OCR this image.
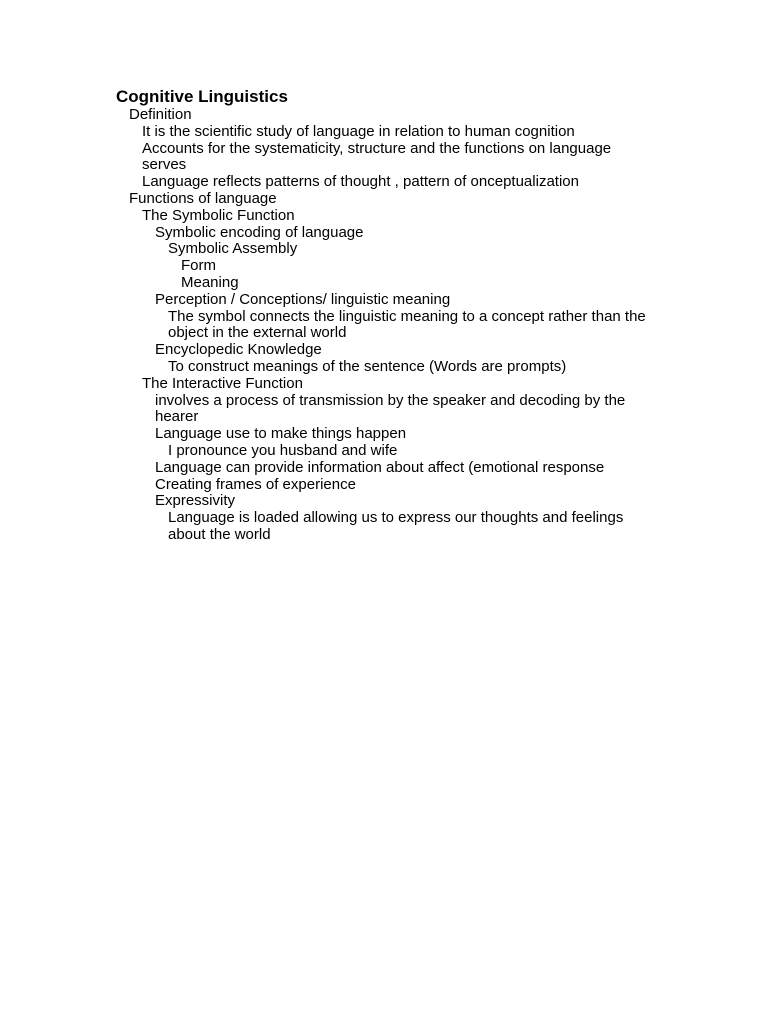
Cognitive Linguistics
Definition
It is the scientific study of language in relation to human cognition
Accounts for the systematicity, structure and the functions on language serves
Language reflects patterns of thought , pattern of onceptualization
Functions of language
The Symbolic Function
Symbolic encoding of language
Symbolic Assembly
Form
Meaning
Perception / Conceptions/ linguistic meaning
The symbol connects the linguistic meaning to a concept rather than the object in the external world
Encyclopedic Knowledge
To construct meanings of the sentence (Words are prompts)
The Interactive Function
involves a process of transmission by the speaker and decoding by the hearer
Language use to make things happen
I pronounce you husband and wife
Language can provide information about affect (emotional response
Creating frames of experience
Expressivity
Language is loaded allowing us to express our thoughts and feelings about the world
